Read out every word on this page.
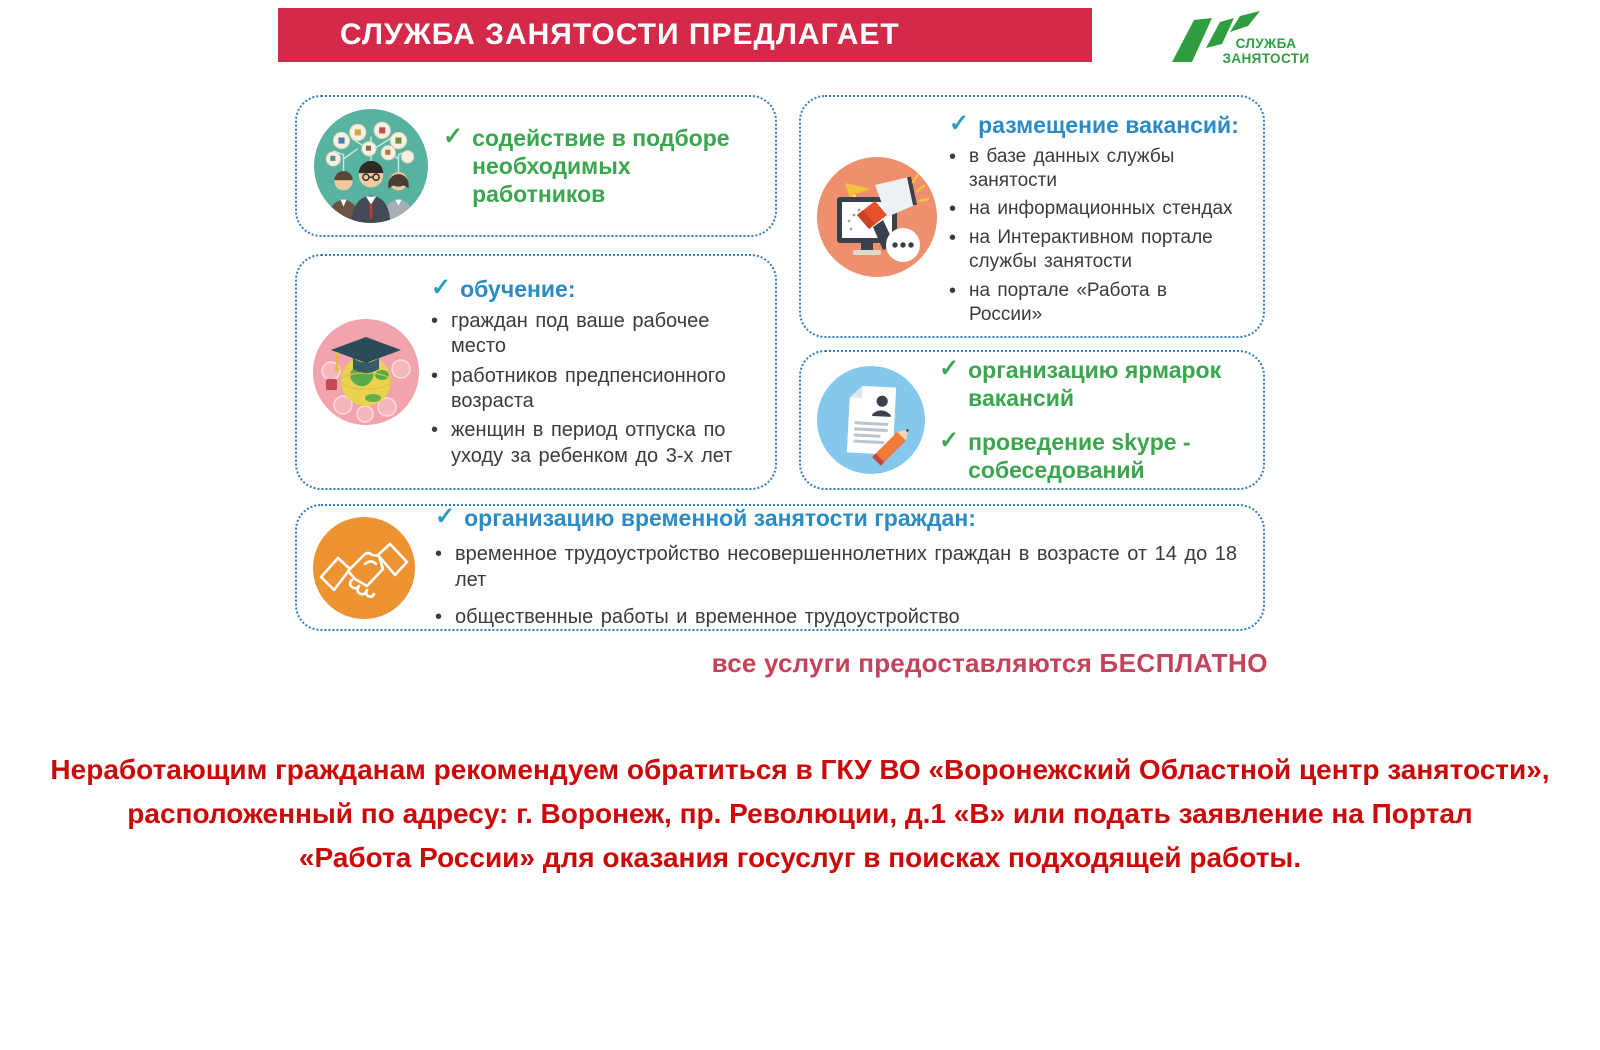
СЛУЖБА ЗАНЯТОСТИ ПРЕДЛАГАЕТ	СЛУЖБА
ЗАНЯТОСТИ
✓ содействие в подборе необходимых работников
✓ обучение:
• граждан под ваше рабочее место
• работников предпенсионного возраста
• женщин в период отпуска по уходу за ребенком до 3-х лет
✓ размещение вакансий:
• в базе данных службы занятости
• на информационных стендах
• на Интерактивном портале службы занятости
• на портале «Работа в России»
✓ организацию ярмарок вакансий
✓ проведение skype - собеседований
✓ организацию временной занятости граждан:
• временное трудоустройство несовершеннолетних граждан в возрасте от 14 до 18 лет
• общественные работы и временное трудоустройство
все услуги предоставляются БЕСПЛАТНО
Неработающим гражданам рекомендуем обратиться в ГКУ ВО «Воронежский Областной центр занятости»,
расположенный по адресу: г. Воронеж, пр. Революции, д.1 «В» или подать заявление на Портал
«Работа России» для оказания госуслуг в поисках подходящей работы.
